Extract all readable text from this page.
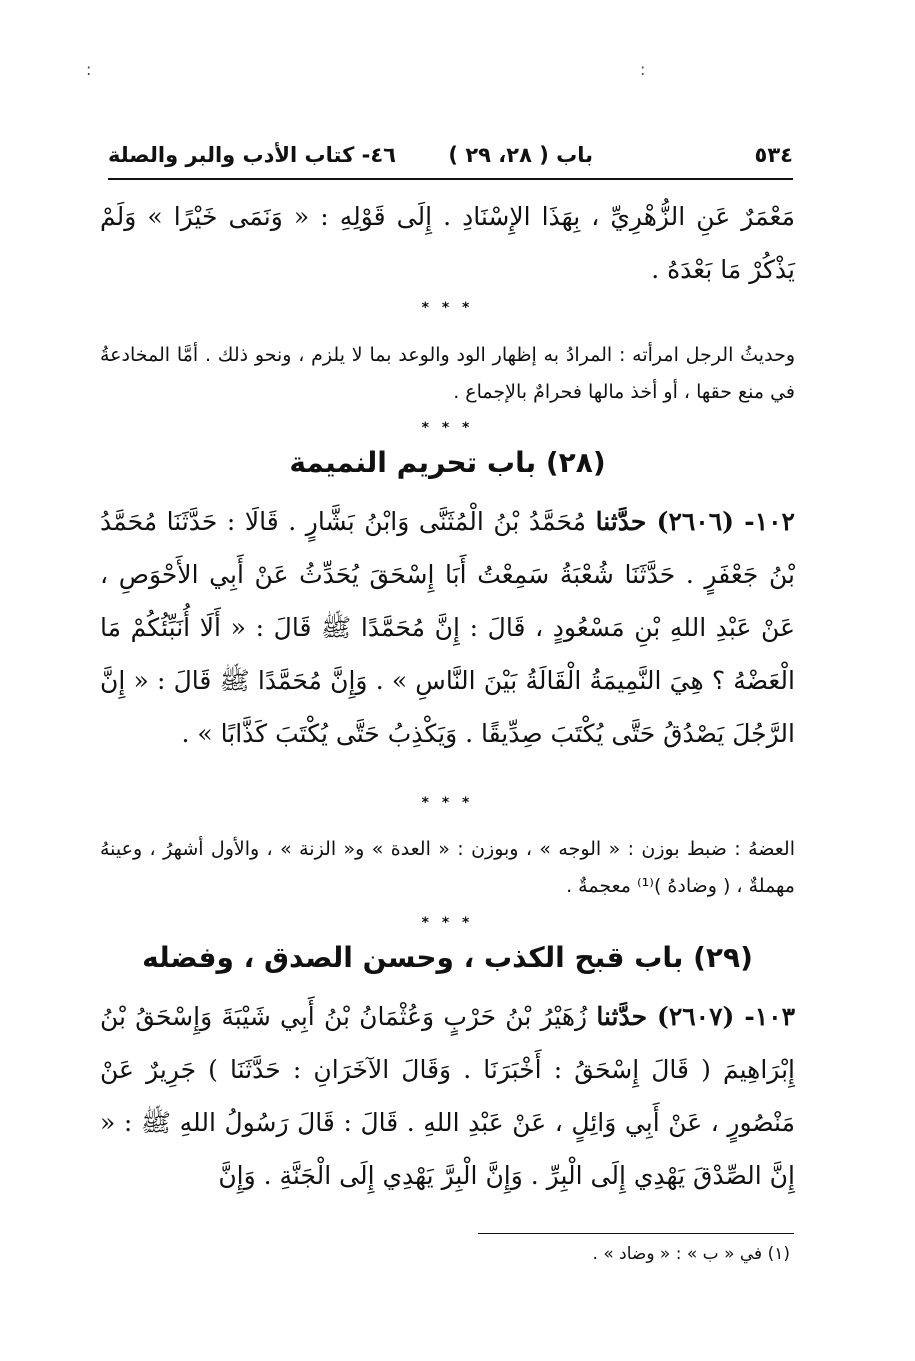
:	:
٥٣٤
باب ( ٢٨، ٢٩ )
٤٦- كتاب الأدب والبر والصلة
مَعْمَرٌ عَنِ الزُّهْرِيِّ ، بِهَذَا الإِسْنَادِ . إِلَى قَوْلِهِ : « وَنَمَى خَيْرًا » وَلَمْ يَذْكُرْ مَا بَعْدَهُ .
* * *
وحديثُ الرجل امرأته : المرادُ به إظهار الود والوعد بما لا يلزم ، ونحو ذلك . أمَّا المخادعةُ في منع حقها ، أو أخذ مالها فحرامٌ بالإجماع .
* * *
(٢٨) باب تحريم النميمة
١٠٢- (٢٦٠٦) حدَّثنا مُحَمَّدُ بْنُ الْمُثَنَّى وَابْنُ بَشَّارٍ . قَالَا : حَدَّثَنَا مُحَمَّدُ بْنُ جَعْفَرٍ . حَدَّثَنَا شُعْبَةُ سَمِعْتُ أَبَا إِسْحَقَ يُحَدِّثُ عَنْ أَبِي الأَحْوَصِ ، عَنْ عَبْدِ اللهِ بْنِ مَسْعُودٍ ، قَالَ : إِنَّ مُحَمَّدًا ﷺ قَالَ : « أَلَا أُنَبِّئُكُمْ مَا الْعَضْهُ ؟ هِيَ النَّمِيمَةُ الْقَالَةُ بَيْنَ النَّاسِ » . وَإِنَّ مُحَمَّدًا ﷺ قَالَ : « إِنَّ الرَّجُلَ يَصْدُقُ حَتَّى يُكْتَبَ صِدِّيقًا . وَيَكْذِبُ حَتَّى يُكْتَبَ كَذَّابًا » .
* * *
العضهُ : ضبط بوزن : « الوجه » ، وبوزن : « العدة » و« الزنة » ، والأول أشهرُ ، وعينهُ مهملةٌ ، ( وضادهُ )⁽¹⁾ معجمةٌ .
* * *
(٢٩) باب قبح الكذب ، وحسن الصدق ، وفضله
١٠٣- (٢٦٠٧) حدَّثنا زُهَيْرُ بْنُ حَرْبٍ وَعُثْمَانُ بْنُ أَبِي شَيْبَةَ وَإِسْحَقُ بْنُ إِبْرَاهِيمَ ( قَالَ إِسْحَقُ : أَخْبَرَنَا . وَقَالَ الآخَرَانِ : حَدَّثَنَا ) جَرِيرٌ عَنْ مَنْصُورٍ ، عَنْ أَبِي وَائِلٍ ، عَنْ عَبْدِ اللهِ . قَالَ : قَالَ رَسُولُ اللهِ ﷺ : « إِنَّ الصِّدْقَ يَهْدِي إِلَى الْبِرِّ . وَإِنَّ الْبِرَّ يَهْدِي إِلَى الْجَنَّةِ . وَإِنَّ
(١) في « ب » : « وضاد » .
